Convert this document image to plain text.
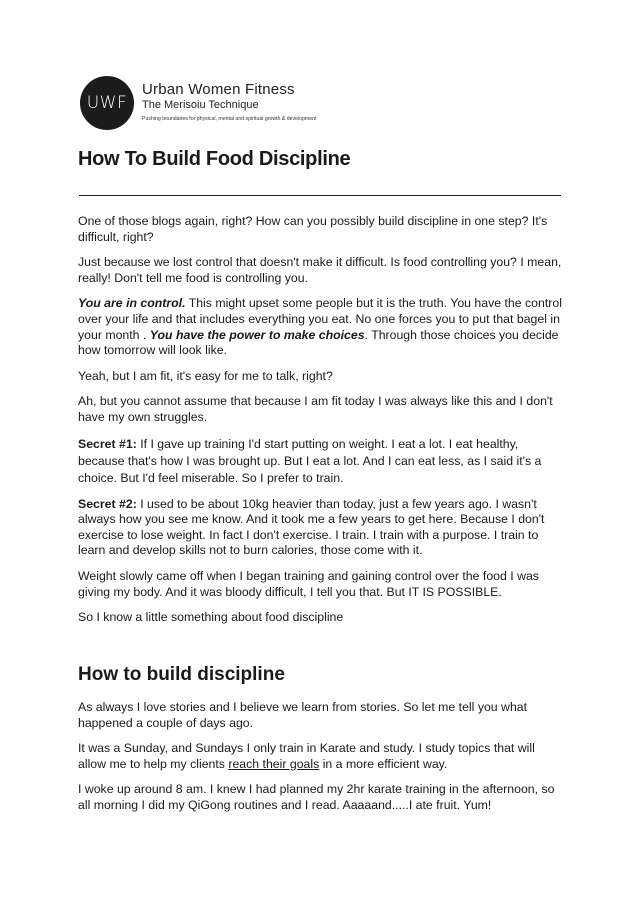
UWF
Urban Women Fitness
The Merisoiu Technique
Pushing boundaries for physical, mental and spiritual growth & development
How To Build Food Discipline

One of those blogs again, right? How can you possibly build discipline in one step? It's difficult, right?

Just because we lost control that doesn't make it difficult. Is food controlling you? I mean, really! Don't tell me food is controlling you.

You are in control. This might upset some people but it is the truth. You have the control over your life and that includes everything you eat. No one forces you to put that bagel in your month . You have the power to make choices. Through those choices you decide how tomorrow will look like.

Yeah, but I am fit, it's easy for me to talk, right?

Ah, but you cannot assume that because I am fit today I was always like this and I don't have my own struggles.

Secret #1: If I gave up training I'd start putting on weight. I eat a lot. I eat healthy, because that's how I was brought up. But I eat a lot. And I can eat less, as I said it's a choice. But I'd feel miserable. So I prefer to train.

Secret #2: I used to be about 10kg heavier than today, just a few years ago. I wasn't always how you see me know. And it took me a few years to get here. Because I don't exercise to lose weight. In fact I don't exercise. I train. I train with a purpose. I train to learn and develop skills not to burn calories, those come with it.

Weight slowly came off when I began training and gaining control over the food I was giving my body. And it was bloody difficult, I tell you that. But IT IS POSSIBLE.

So I know a little something about food discipline

How to build discipline

As always I love stories and I believe we learn from stories. So let me tell you what happened a couple of days ago.

It was a Sunday, and Sundays I only train in Karate and study. I study topics that will allow me to help my clients reach their goals in a more efficient way.

I woke up around 8 am. I knew I had planned my 2hr karate training in the afternoon, so all morning I did my QiGong routines and I read. Aaaaand.....I ate fruit. Yum!
